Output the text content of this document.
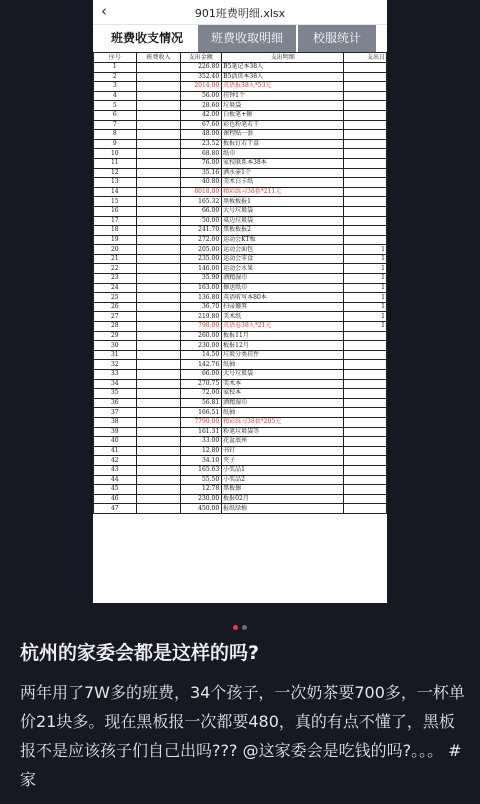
‹	901班费明细.xlsx
班费收支情况	班费收取明细	校服统计
序号	班费收入	支出金额	支出明细	支出日
1		226.80	B5笔记本38人	
2		352.40	B5活页本38人	
3		2014.00	英语报38人*53元	
4		56.00	挂钟1个	
5		28.60	垃圾袋	
6		42.00	白板笔+擦	
7		67.60	彩色粉笔若干	
8		48.00	课程贴一套	
9		23.52	板报钉若干盒	
10		68.80	纸巾	
11		76.00	家校联系本38本	
12		35.16	洒水壶1个	
13		40.80	美术白卡纸	
14		8018.00	精彩练习38套*211元	
15		165.32	黑板板报1	
16		66.00	大号垃圾袋	
17		50.00	桌边垃圾袋	
18		241.70	黑板板报2	
19		272.00	运动会KT板	
20		205.00	运动会面包	1
21		235.00	运动会零食	1
22		146.00	运动会水果	1
23		35.90	酒精湿巾	1
24		163.00	擦送纸巾	1
25		136.80	英语听写本80本	1
26		36.70	扫帚簸箕	1
27		219.80	美术纸	1
28		798.00	英语卷38人*21元	1
29		260.00	板报11月	
30		230.00	板报12月	
31		14.50	垃圾分类挂件	
32		142.76	纸抽	
33		66.00	大号垃圾袋	
34		270.75	美术本	
35		72.00	家校本	
36		56.81	酒精湿巾	
37		166.51	纸抽	
38		7790.00	精彩练习38套*205元	
39		161.31	粉笔垃圾袋等	
40		33.00	花盆底座	
41		12.80	书钉	
42		34.10	夹子	
43		165.63	小奖品1	
44		55.50	小奖品2	
45		12.78	黑板擦	
46		230.00	板报02月	
47		450.00	报纸绿植	
杭州的家委会都是这样的吗?
两年用了7W多的班费，34个孩子，一次奶茶要700多，一杯单价21块多。现在黑板报一次都要480，真的有点不懂了，黑板报不是应该孩子们自己出吗??? @这家委会是吃钱的吗?。。。 #家
